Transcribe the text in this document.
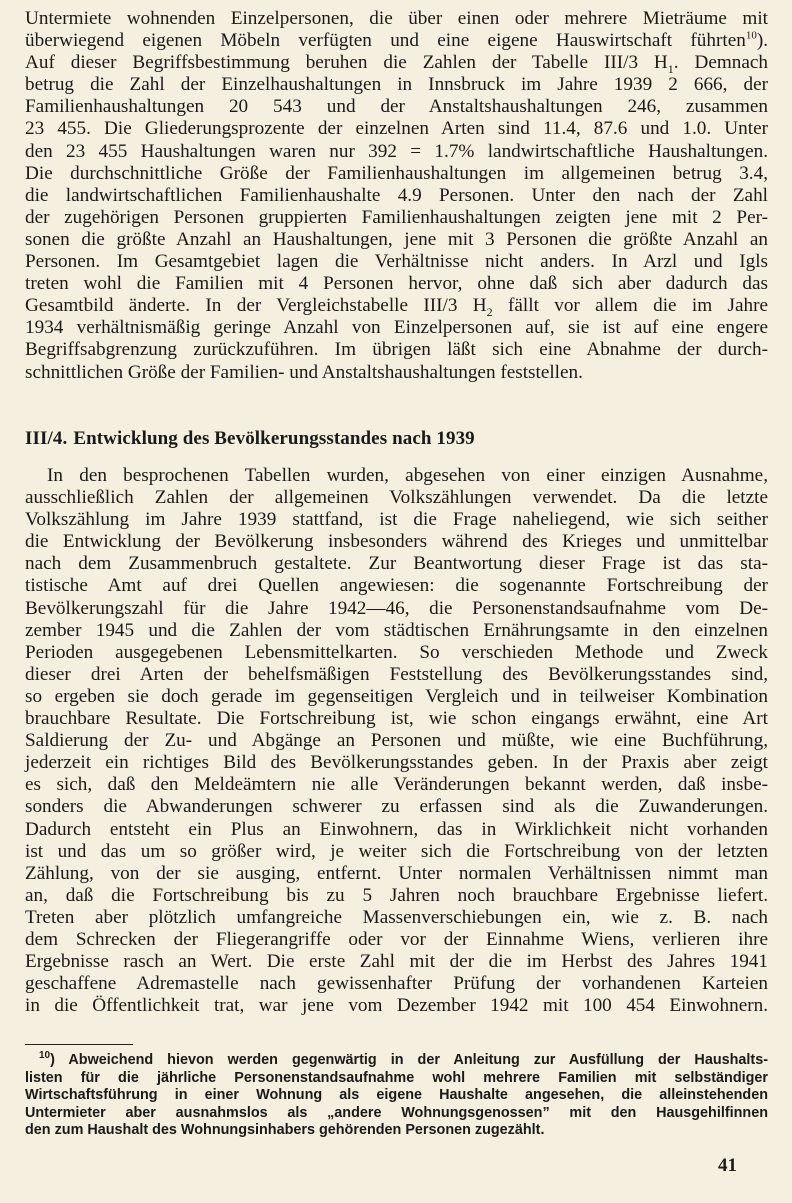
Untermiete wohnenden Einzelpersonen, die über einen oder mehrere Mieträume mit
überwiegend eigenen Möbeln verfügten und eine eigene Hauswirtschaft führten$^{10}$).
Auf dieser Begriffsbestimmung beruhen die Zahlen der Tabelle III/3 $H_1$. Demnach
betrug die Zahl der Einzelhaushaltungen in Innsbruck im Jahre 1939 2 666, der
Familienhaushaltungen 20 543 und der Anstaltshaushaltungen 246, zusammen
23 455. Die Gliederungsprozente der einzelnen Arten sind 11.4, 87.6 und 1.0. Unter
den 23 455 Haushaltungen waren nur 392 = 1.7% landwirtschaftliche Haushaltungen.
Die durchschnittliche Größe der Familienhaushaltungen im allgemeinen betrug 3.4,
die landwirtschaftlichen Familienhaushalte 4.9 Personen. Unter den nach der Zahl
der zugehörigen Personen gruppierten Familienhaushaltungen zeigten jene mit 2 Per-
sonen die größte Anzahl an Haushaltungen, jene mit 3 Personen die größte Anzahl an
Personen. Im Gesamtgebiet lagen die Verhältnisse nicht anders. In Arzl und Igls
treten wohl die Familien mit 4 Personen hervor, ohne daß sich aber dadurch das
Gesamtbild änderte. In der Vergleichstabelle III/3 $H_2$ fällt vor allem die im Jahre
1934 verhältnismäßig geringe Anzahl von Einzelpersonen auf, sie ist auf eine engere
Begriffsabgrenzung zurückzuführen. Im übrigen läßt sich eine Abnahme der durch-
schnittlichen Größe der Familien- und Anstaltshaushaltungen feststellen.
III/4. Entwicklung des Bevölkerungsstandes nach 1939
In den besprochenen Tabellen wurden, abgesehen von einer einzigen Ausnahme,
ausschließlich Zahlen der allgemeinen Volkszählungen verwendet. Da die letzte
Volkszählung im Jahre 1939 stattfand, ist die Frage naheliegend, wie sich seither
die Entwicklung der Bevölkerung insbesonders während des Krieges und unmittelbar
nach dem Zusammenbruch gestaltete. Zur Beantwortung dieser Frage ist das sta-
tistische Amt auf drei Quellen angewiesen: die sogenannte Fortschreibung der
Bevölkerungszahl für die Jahre 1942—46, die Personenstandsaufnahme vom De-
zember 1945 und die Zahlen der vom städtischen Ernährungsamte in den einzelnen
Perioden ausgegebenen Lebensmittelkarten. So verschieden Methode und Zweck
dieser drei Arten der behelfsmäßigen Feststellung des Bevölkerungsstandes sind,
so ergeben sie doch gerade im gegenseitigen Vergleich und in teilweiser Kombination
brauchbare Resultate. Die Fortschreibung ist, wie schon eingangs erwähnt, eine Art
Saldierung der Zu- und Abgänge an Personen und müßte, wie eine Buchführung,
jederzeit ein richtiges Bild des Bevölkerungsstandes geben. In der Praxis aber zeigt
es sich, daß den Meldeämtern nie alle Veränderungen bekannt werden, daß insbe-
sonders die Abwanderungen schwerer zu erfassen sind als die Zuwanderungen.
Dadurch entsteht ein Plus an Einwohnern, das in Wirklichkeit nicht vorhanden
ist und das um so größer wird, je weiter sich die Fortschreibung von der letzten
Zählung, von der sie ausging, entfernt. Unter normalen Verhältnissen nimmt man
an, daß die Fortschreibung bis zu 5 Jahren noch brauchbare Ergebnisse liefert.
Treten aber plötzlich umfangreiche Massenverschiebungen ein, wie z. B. nach
dem Schrecken der Fliegerangriffe oder vor der Einnahme Wiens, verlieren ihre
Ergebnisse rasch an Wert. Die erste Zahl mit der die im Herbst des Jahres 1941
geschaffene Adremastelle nach gewissenhafter Prüfung der vorhandenen Karteien
in die Öffentlichkeit trat, war jene vom Dezember 1942 mit 100 454 Einwohnern.
$^{10}$) Abweichend hievon werden gegenwärtig in der Anleitung zur Ausfüllung der Haushalts-
listen für die jährliche Personenstandsaufnahme wohl mehrere Familien mit selbständiger
Wirtschaftsführung in einer Wohnung als eigene Haushalte angesehen, die alleinstehenden
Untermieter aber ausnahmslos als „andere Wohnungsgenossen” mit den Hausgehilfinnen
den zum Haushalt des Wohnungsinhabers gehörenden Personen zugezählt.
41
